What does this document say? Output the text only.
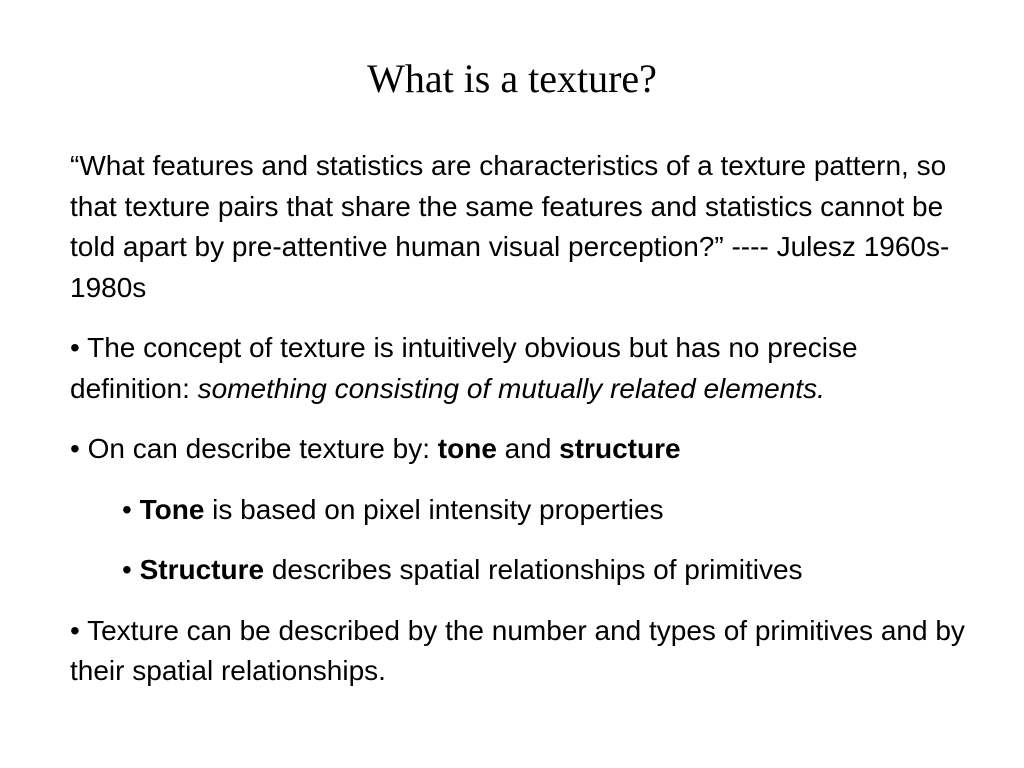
What is a texture?

“What features and statistics are characteristics of a texture pattern, so that texture pairs that share the same features and statistics cannot be told apart by pre-attentive human visual perception?” ---- Julesz 1960s-1980s

• The concept of texture is intuitively obvious but has no precise definition: something consisting of mutually related elements.

• On can describe texture by: tone and structure

• Tone is based on pixel intensity properties

• Structure describes spatial relationships of primitives

• Texture can be described by the number and types of primitives and by their spatial relationships.
